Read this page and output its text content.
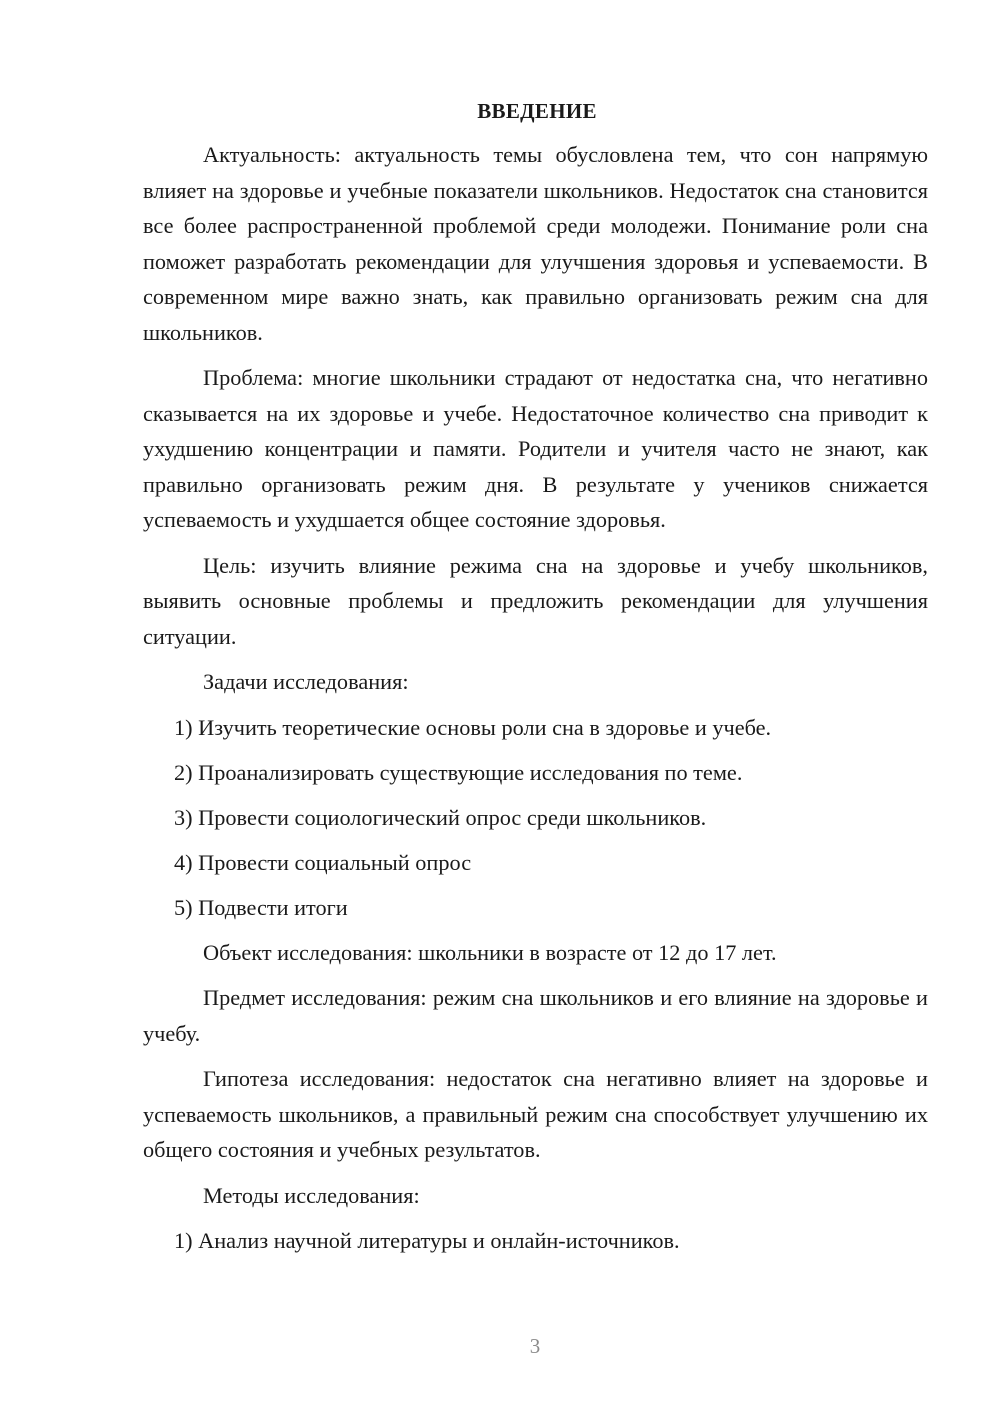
ВВЕДЕНИЕ

Актуальность: актуальность темы обусловлена тем, что сон напрямую влияет на здоровье и учебные показатели школьников. Недостаток сна становится все более распространенной проблемой среди молодежи. Понимание роли сна поможет разработать рекомендации для улучшения здоровья и успеваемости. В современном мире важно знать, как правильно организовать режим сна для школьников.

Проблема: многие школьники страдают от недостатка сна, что негативно сказывается на их здоровье и учебе. Недостаточное количество сна приводит к ухудшению концентрации и памяти. Родители и учителя часто не знают, как правильно организовать режим дня. В результате у учеников снижается успеваемость и ухудшается общее состояние здоровья.

Цель: изучить влияние режима сна на здоровье и учебу школьников, выявить основные проблемы и предложить рекомендации для улучшения ситуации.

Задачи исследования:

1) Изучить теоретические основы роли сна в здоровье и учебе.

2) Проанализировать существующие исследования по теме.

3) Провести социологический опрос среди школьников.

4) Провести социальный опрос

5) Подвести итоги

Объект исследования: школьники в возрасте от 12 до 17 лет.

Предмет исследования: режим сна школьников и его влияние на здоровье и учебу.

Гипотеза исследования: недостаток сна негативно влияет на здоровье и успеваемость школьников, а правильный режим сна способствует улучшению их общего состояния и учебных результатов.

Методы исследования:

1) Анализ научной литературы и онлайн-источников.

3
